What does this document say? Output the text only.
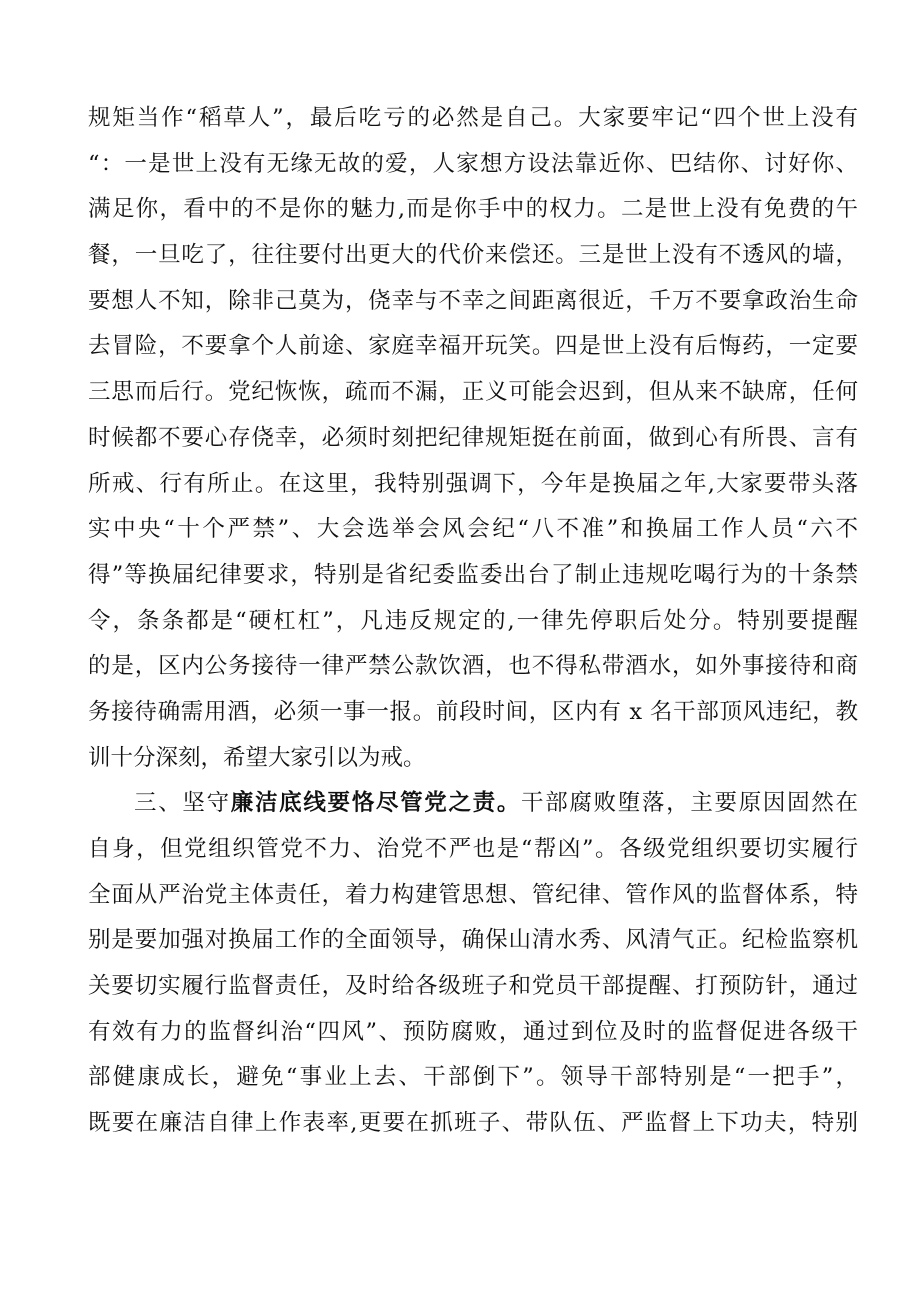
规矩当作“稻草人”，最后吃亏的必然是自己。大家要牢记“四个世上没有
“：一是世上没有无缘无故的爱，人家想方设法靠近你、巴结你、讨好你、
满足你，看中的不是你的魅力,而是你手中的权力。二是世上没有免费的午
餐，一旦吃了，往往要付出更大的代价来偿还。三是世上没有不透风的墙，
要想人不知，除非己莫为，侥幸与不幸之间距离很近，千万不要拿政治生命
去冒险，不要拿个人前途、家庭幸福开玩笑。四是世上没有后悔药，一定要
三思而后行。党纪恢恢，疏而不漏，正义可能会迟到，但从来不缺席，任何
时候都不要心存侥幸，必须时刻把纪律规矩挺在前面，做到心有所畏、言有
所戒、行有所止。在这里，我特别强调下，今年是换届之年,大家要带头落
实中央“十个严禁”、大会选举会风会纪“八不准”和换届工作人员“六不
得”等换届纪律要求，特别是省纪委监委出台了制止违规吃喝行为的十条禁
令，条条都是“硬杠杠”，凡违反规定的,一律先停职后处分。特别要提醒
的是，区内公务接待一律严禁公款饮酒，也不得私带酒水，如外事接待和商
务接待确需用酒，必须一事一报。前段时间，区内有 x 名干部顶风违纪，教
训十分深刻，希望大家引以为戒。
三、坚守廉洁底线要恪尽管党之责。干部腐败堕落，主要原因固然在
自身，但党组织管党不力、治党不严也是“帮凶”。各级党组织要切实履行
全面从严治党主体责任，着力构建管思想、管纪律、管作风的监督体系，特
别是要加强对换届工作的全面领导，确保山清水秀、风清气正。纪检监察机
关要切实履行监督责任，及时给各级班子和党员干部提醒、打预防针，通过
有效有力的监督纠治“四风”、预防腐败，通过到位及时的监督促进各级干
部健康成长，避免“事业上去、干部倒下”。领导干部特别是“一把手”，
既要在廉洁自律上作表率,更要在抓班子、带队伍、严监督上下功夫，特别
